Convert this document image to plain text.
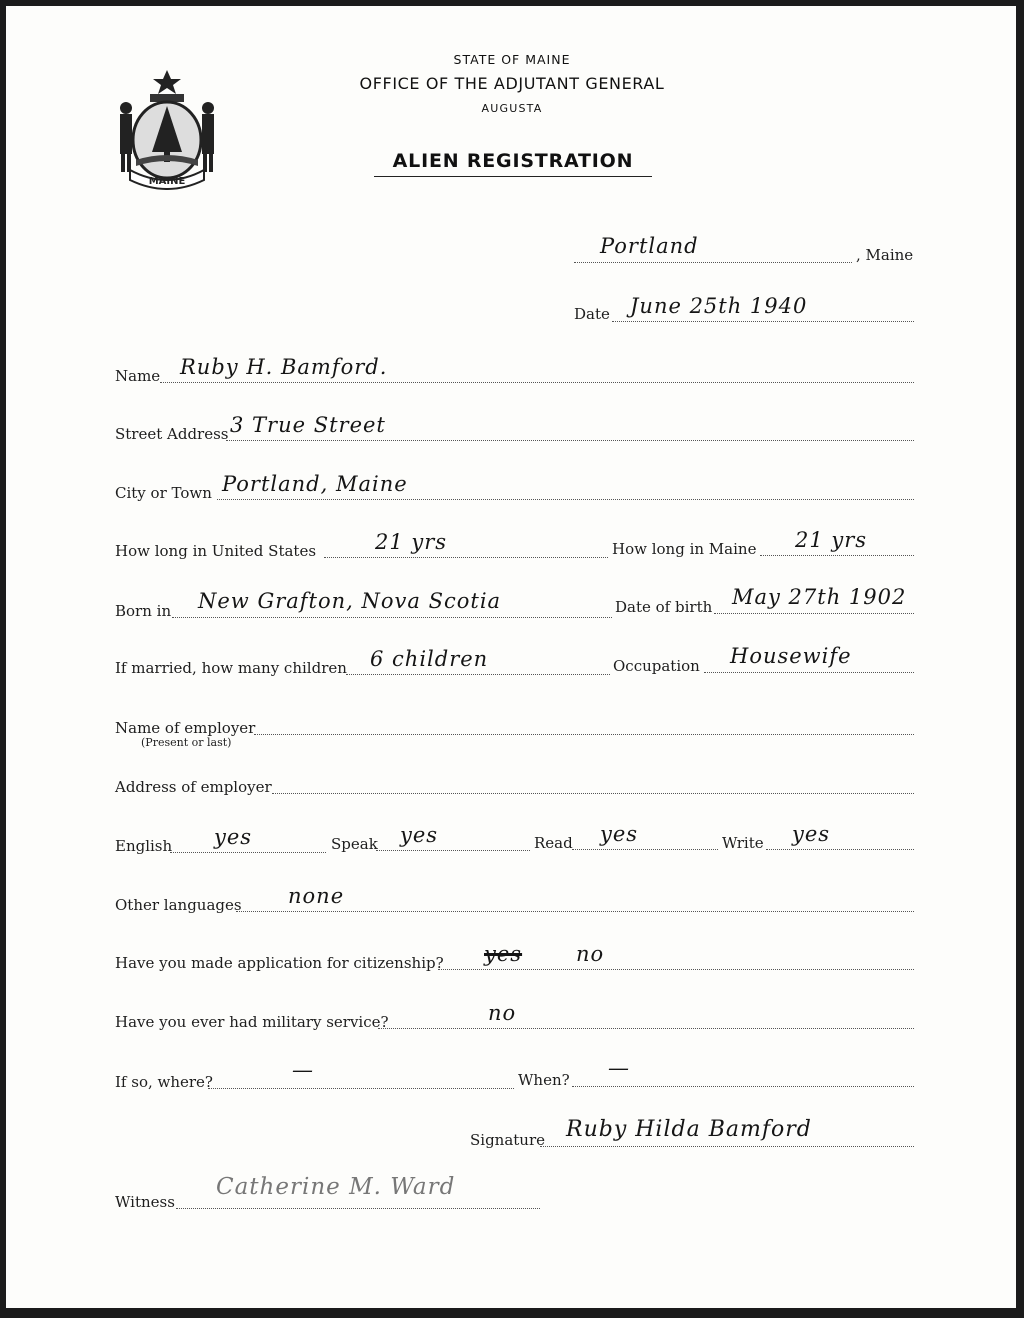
MAINE
STATE OF MAINE
OFFICE OF THE ADJUTANT GENERAL
AUGUSTA
ALIEN REGISTRATION
Portland	, Maine
Date June 25th 1940
Name Ruby H. Bamford.
Street Address 3 True Street
City or Town Portland, Maine
How long in United States	21 yrs	How long in Maine 21 yrs
Born in New Grafton, Nova Scotia	Date of birth May 27th 1902
If married, how many children 6 children	Occupation Housewife
Name of employer
(Present or last)
Address of employer
English yes	Speak yes	Read yes	Write yes
Other languages none
Have you made application for citizenship? yes	no
Have you ever had military service?	no
If so, where?	—	When? —
Signature Ruby Hilda Bamford
Witness
Catherine M. Ward
